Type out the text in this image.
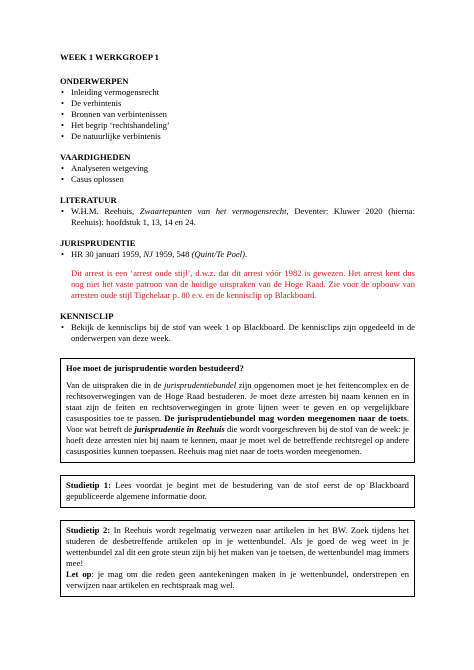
WEEK 1 WERKGROEP 1

ONDERWERPEN

• Inleiding vermogensrecht
• De verbintenis
• Bronnen van verbintenissen
• Het begrip ‘rechtshandeling’
• De natuurlijke verbintenis

VAARDIGHEDEN

• Analyseren wetgeving
• Casus oplossen

LITERATUUR

• W.H.M. Reehuis, Zwaartepunten van het vermogensrecht, Deventer: Kluwer 2020 (hierna: Reehuis): hoofdstuk 1, 13, 14 en 24.

JURISPRUDENTIE

• HR 30 januari 1959, NJ 1959, 548 (Quint/Te Poel).

Dit arrest is een ‘arrest oude stijl’, d.w.z. dat dit arrest vóór 1982 is gewezen. Het arrest kent dus nog niet het vaste patroon van de huidige uitspraken van de Hoge Raad. Zie voor de opbouw van arresten oude stijl Tigchelaar p. 80 e.v. en de kennisclip op Blackboard.

KENNISCLIP

• Bekijk de kennisclips bij de stof van week 1 op Blackboard. De kennisclips zijn opgedeeld in de onderwerpen van deze week.

Hoe moet de jurisprudentie worden bestudeerd?

Van de uitspraken die in de jurisprudentiebundel zijn opgenomen moet je het feitencomplex en de rechtsoverwegingen van de Hoge Raad bestuderen. Je moet deze arresten bij naam kennen en in staat zijn de feiten en rechtsoverwegingen in grote lijnen weer te geven en op vergelijkbare casusposities toe te passen. De jurisprudentiebundel mag worden meegenomen naar de toets. Voor wat betreft de jurisprudentie in Reehuis die wordt voorgeschreven bij de stof van de week: je hoeft deze arresten niet bij naam te kennen, maar je moet wel de betreffende rechtsregel op andere casusposities kunnen toepassen. Reehuis mag niet naar de toets worden meegenomen.
Studietip 1: Lees voordat je begint met de bestudering van de stof eerst de op Blackboard gepubliceerde algemene informatie door.
Studietip 2: In Reehuis wordt regelmatig verwezen naar artikelen in het BW. Zoek tijdens het studeren de desbetreffende artikelen op in je wettenbundel. Als je goed de weg weet in je wettenbundel zal dit een grote steun zijn bij het maken van je toetsen, de wettenbundel mag immers mee!
Let op: je mag om die reden geen aantekeningen maken in je wettenbundel, onderstrepen en verwijzen naar artikelen en rechtspraak mag wel.
